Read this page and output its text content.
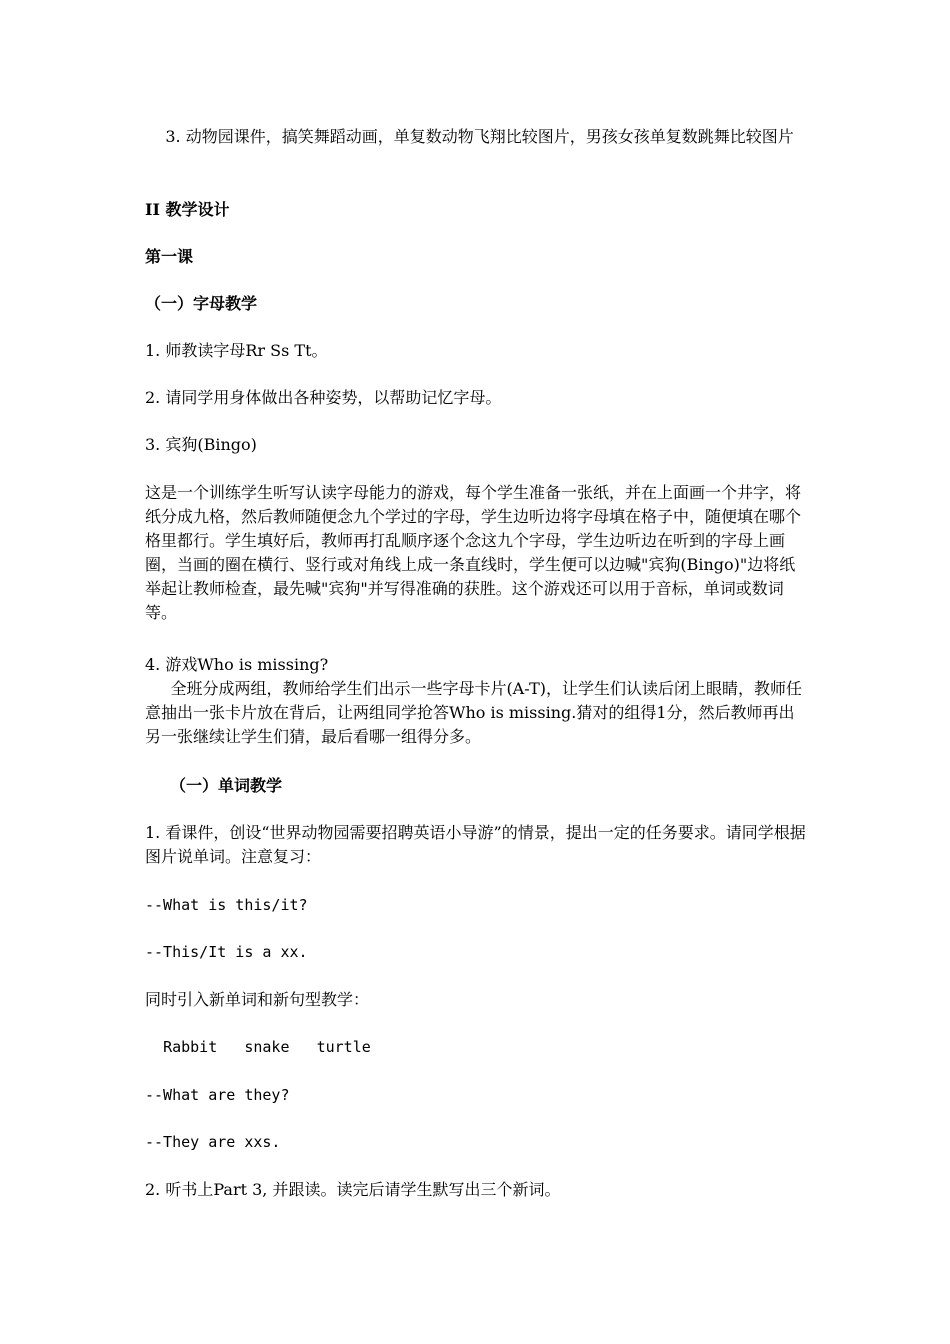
3. 动物园课件，搞笑舞蹈动画，单复数动物飞翔比较图片，男孩女孩单复数跳舞比较图片
II 教学设计
第一课
（一）字母教学
1. 师教读字母Rr Ss Tt。
2. 请同学用身体做出各种姿势，以帮助记忆字母。
3. 宾狗(Bingo)
这是一个训练学生听写认读字母能力的游戏，每个学生准备一张纸，并在上面画一个井字，将纸分成九格，然后教师随便念九个学过的字母，学生边听边将字母填在格子中，随便填在哪个格里都行。学生填好后，教师再打乱顺序逐个念这九个字母，学生边听边在听到的字母上画圈，当画的圈在横行、竖行或对角线上成一条直线时，学生便可以边喊"宾狗(Bingo)"边将纸举起让教师检查，最先喊"宾狗"并写得准确的获胜。这个游戏还可以用于音标，单词或数词等。
4. 游戏Who is missing?
全班分成两组，教师给学生们出示一些字母卡片(A-T)，让学生们认读后闭上眼睛，教师任意抽出一张卡片放在背后，让两组同学抢答Who is missing.猜对的组得1分，然后教师再出另一张继续让学生们猜，最后看哪一组得分多。
（一）单词教学
1. 看课件，创设“世界动物园需要招聘英语小导游”的情景，提出一定的任务要求。请同学根据图片说单词。注意复习：
--What is this/it?
--This/It is a xx.
同时引入新单词和新句型教学：
Rabbit   snake   turtle
--What are they?
--They are xxs.
2. 听书上Part 3, 并跟读。读完后请学生默写出三个新词。
